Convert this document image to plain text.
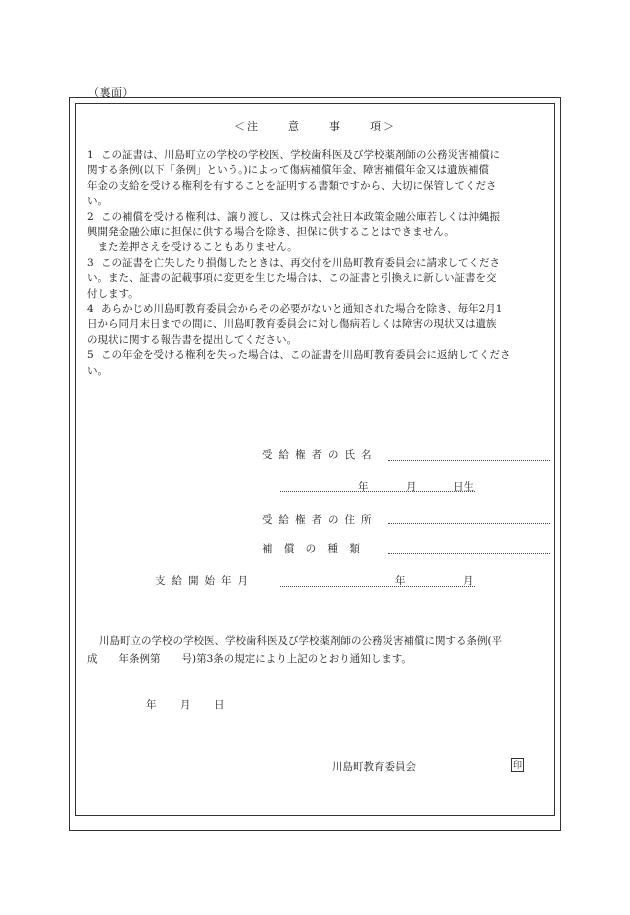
（裏面）
＜注	意	事	項＞
1 この証書は、川島町立の学校の学校医、学校歯科医及び学校薬剤師の公務災害補償に
関する条例(以下「条例」という。)によって傷病補償年金、障害補償年金又は遺族補償
年金の支給を受ける権利を有することを証明する書類ですから、大切に保管してくださ
い。
2 この補償を受ける権利は、譲り渡し、又は株式会社日本政策金融公庫若しくは沖縄振
興開発金融公庫に担保に供する場合を除き、担保に供することはできません。
　また差押さえを受けることもありません。
3 この証書を亡失したり損傷したときは、再交付を川島町教育委員会に請求してくださ
い。また、証書の記載事項に変更を生じた場合は、この証書と引換えに新しい証書を交
付します。
4 あらかじめ川島町教育委員会からその必要がないと通知された場合を除き、毎年2月1
日から同月末日までの間に、川島町教育委員会に対し傷病若しくは障害の現状又は遺族
の現状に関する報告書を提出してください。
5 この年金を受ける権利を失った場合は、この証書を川島町教育委員会に返納してくださ
い。
受給権者の氏名
年	月	日生
受給権者の住所
補 償 の 種 類
支給開始年月	年	月
川島町立の学校の学校医、学校歯科医及び学校薬剤師の公務災害補償に関する条例(平
成　　年条例第　　号)第3条の規定により上記のとおり通知します。
年 月 日
川島町教育委員会	印
